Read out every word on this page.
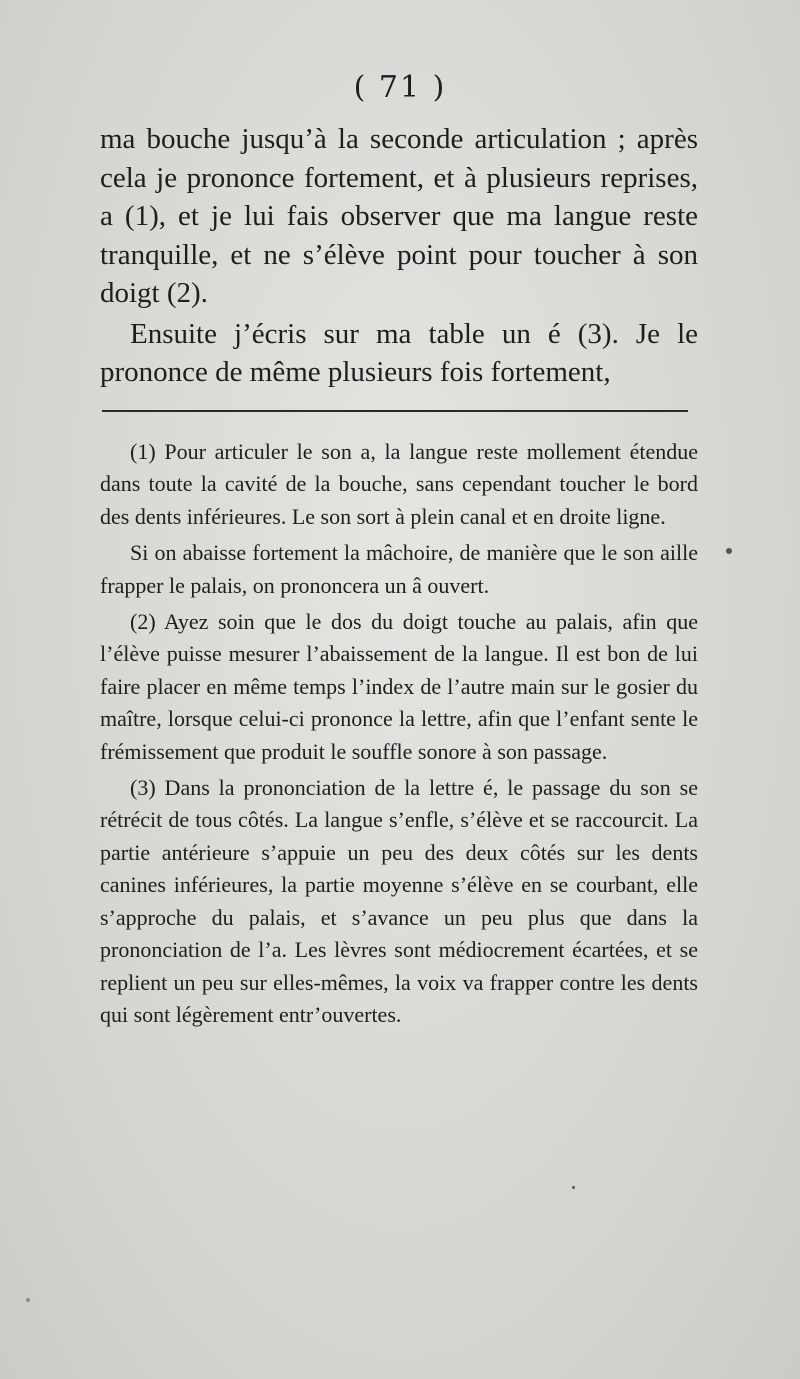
( 71 )

ma bouche jusqu’à la seconde articulation ; après cela je prononce fortement, et à plusieurs reprises, a (1), et je lui fais observer que ma langue reste tranquille, et ne s’élève point pour toucher à son doigt (2).

Ensuite j’écris sur ma table un é (3). Je le prononce de même plusieurs fois fortement,

(1) Pour articuler le son a, la langue reste mollement étendue dans toute la cavité de la bouche, sans cependant toucher le bord des dents inférieures. Le son sort à plein canal et en droite ligne.

Si on abaisse fortement la mâchoire, de manière que le son aille frapper le palais, on prononcera un â ouvert.

(2) Ayez soin que le dos du doigt touche au palais, afin que l’élève puisse mesurer l’abaissement de la langue. Il est bon de lui faire placer en même temps l’index de l’autre main sur le gosier du maître, lorsque celui-ci prononce la lettre, afin que l’enfant sente le frémissement que produit le souffle sonore à son passage.

(3) Dans la prononciation de la lettre é, le passage du son se rétrécit de tous côtés. La langue s’enfle, s’élève et se raccourcit. La partie antérieure s’appuie un peu des deux côtés sur les dents canines inférieures, la partie moyenne s’élève en se courbant, elle s’approche du palais, et s’avance un peu plus que dans la prononciation de l’a. Les lèvres sont médiocrement écartées, et se replient un peu sur elles-mêmes, la voix va frapper contre les dents qui sont légèrement entr’ouvertes.
